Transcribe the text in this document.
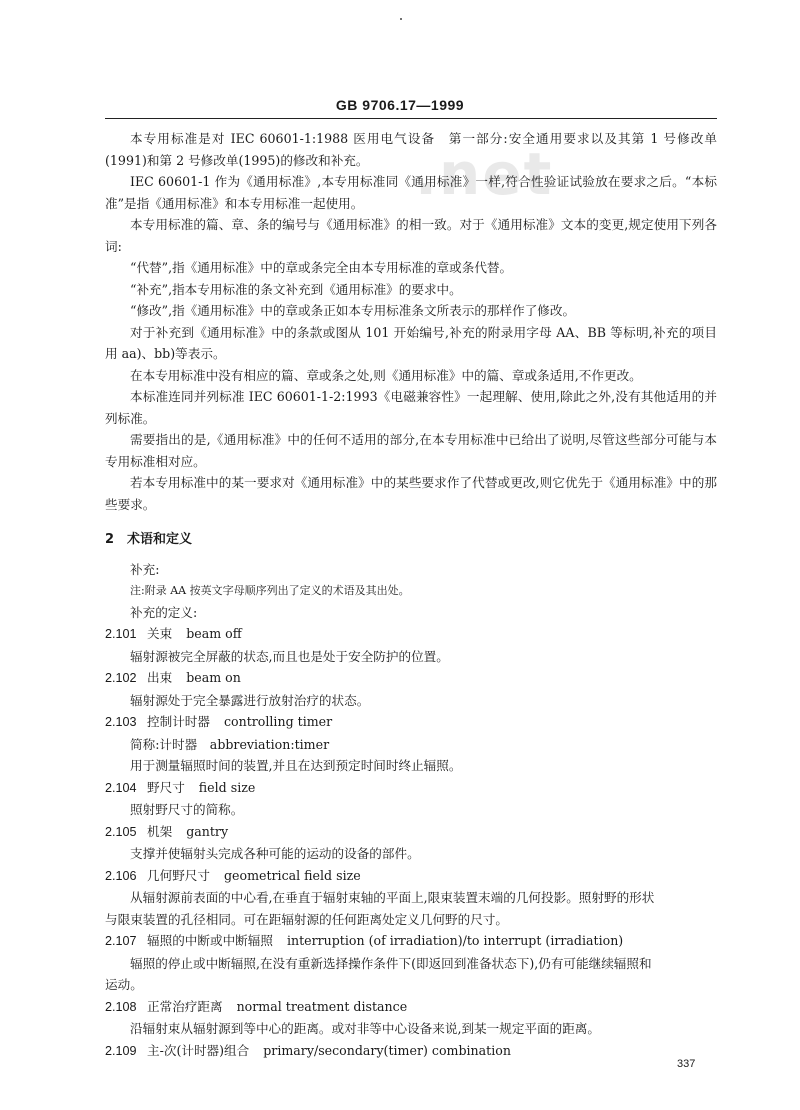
GB 9706.17—1999
.net

本专用标准是对 IEC 60601-1:1988 医用电气设备　第一部分:安全通用要求以及其第 1 号修改单(1991)和第 2 号修改单(1995)的修改和补充。

IEC 60601-1 作为《通用标准》,本专用标准同《通用标准》一样,符合性验证试验放在要求之后。“本标准”是指《通用标准》和本专用标准一起使用。

本专用标准的篇、章、条的编号与《通用标准》的相一致。对于《通用标准》文本的变更,规定使用下列各词:

“代替”,指《通用标准》中的章或条完全由本专用标准的章或条代替。

“补充”,指本专用标准的条文补充到《通用标准》的要求中。

“修改”,指《通用标准》中的章或条正如本专用标准条文所表示的那样作了修改。

对于补充到《通用标准》中的条款或图从 101 开始编号,补充的附录用字母 AA、BB 等标明,补充的项目用 aa)、bb)等表示。

在本专用标准中没有相应的篇、章或条之处,则《通用标准》中的篇、章或条适用,不作更改。

本标准连同并列标准 IEC 60601-1-2:1993《电磁兼容性》一起理解、使用,除此之外,没有其他适用的并列标准。

需要指出的是,《通用标准》中的任何不适用的部分,在本专用标准中已给出了说明,尽管这些部分可能与本专用标准相对应。

若本专用标准中的某一要求对《通用标准》中的某些要求作了代替或更改,则它优先于《通用标准》中的那些要求。

2　术语和定义

补充:

注:附录 AA 按英文字母顺序列出了定义的术语及其出处。

补充的定义:

2.101 关束 beam off

辐射源被完全屏蔽的状态,而且也是处于安全防护的位置。

2.102 出束 beam on

辐射源处于完全暴露进行放射治疗的状态。

2.103 控制计时器 controlling timer

简称:计时器　abbreviation:timer

用于测量辐照时间的装置,并且在达到预定时间时终止辐照。

2.104 野尺寸 field size

照射野尺寸的简称。

2.105 机架 gantry

支撑并使辐射头完成各种可能的运动的设备的部件。

2.106 几何野尺寸 geometrical field size

从辐射源前表面的中心看,在垂直于辐射束轴的平面上,限束装置末端的几何投影。照射野的形状

与限束装置的孔径相同。可在距辐射源的任何距离处定义几何野的尺寸。

2.107 辐照的中断或中断辐照 interruption (of irradiation)/to interrupt (irradiation)

辐照的停止或中断辐照,在没有重新选择操作条件下(即返回到准备状态下),仍有可能继续辐照和

运动。

2.108 正常治疗距离 normal treatment distance

沿辐射束从辐射源到等中心的距离。或对非等中心设备来说,到某一规定平面的距离。

2.109 主-次(计时器)组合 primary/secondary(timer) combination

337
